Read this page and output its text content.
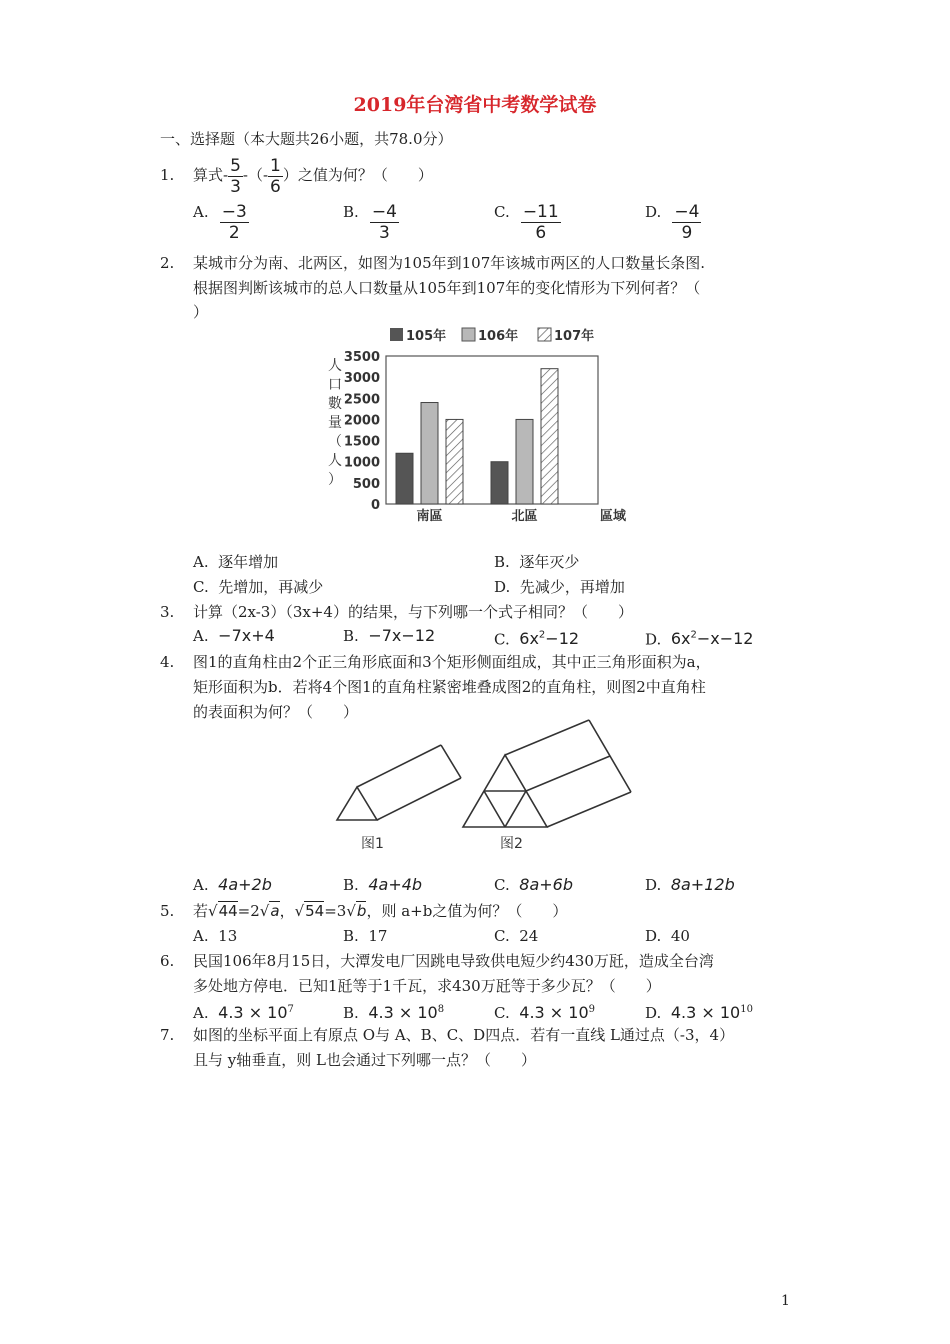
2019年台湾省中考数学试卷
一、选择题（本大题共26小题，共78.0分）
1. 算式- $\frac{5}{3}$ -（- $\frac{1}{6}$ ）之值为何？（　　）
A. $\frac{-3}{2}$	B. $\frac{-4}{3}$	C. $\frac{-11}{6}$	D. $\frac{-4}{9}$
2. 某城市分为南、北两区，如图为105年到107年该城市两区的人口数量长条图.
根据图判断该城市的总人口数量从105年到107年的变化情形为下列何者？（
）
105年 106年	107年
0
500
1000
1500
2000
2500
3000
3500
南區	北區
人口數量（人）
區域
A. 逐年增加	B. 逐年灭少
C. 先增加，再减少	D. 先减少，再增加
3. 计算（2x-3）（3x+4）的结果，与下列哪一个式子相同？（　　）
A. −7x+4	B. −7x−12	C. $6x^2-12$	D. $6x^2-x-12$
4. 图1的直角柱由2个正三角形底面和3个矩形侧面组成，其中正三角形面积为a，
矩形面积为b．若将4个图1的直角柱紧密堆叠成图2的直角柱，则图2中直角柱
的表面积为何？（　　）
图1	图2
A. 4a+2b	B. 4a+4b	C. 8a+6b	D. 8a+12b
5. 若√44=2√a，√54=3√b，则 a+b之值为何？（　　）
A. 13	B. 17	C. 24	D. 40
6. 民国106年8月15日，大潭发电厂因跳电导致供电短少约430万瓩，造成全台湾
多处地方停电．已知1瓩等于1千瓦，求430万瓩等于多少瓦？（　　）
A. $4.3 \times 10^7$	B. $4.3 \times 10^8$	C. $4.3 \times 10^9$	D. $4.3 \times 10^{10}$
7. 如图的坐标平面上有原点 O与 A、B、C、D四点．若有一直线 L通过点（-3，4）
且与 y轴垂直，则 L也会通过下列哪一点？（　　）
1
